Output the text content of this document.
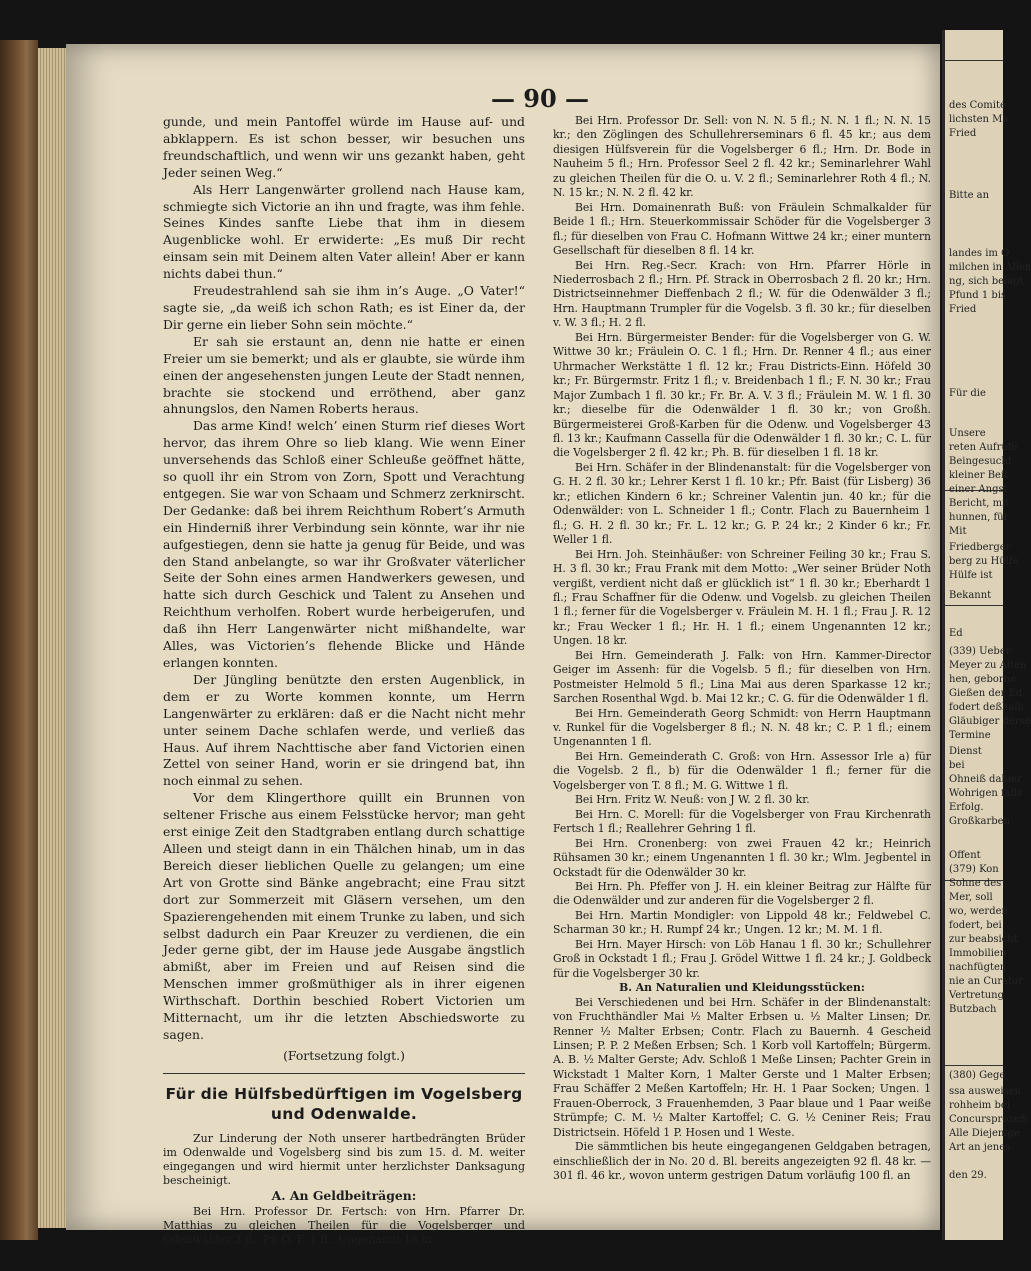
— 90 —

gunde, und mein Pantoffel würde im Hause auf- und abklappern. Es ist schon besser, wir besuchen uns freundschaftlich, und wenn wir uns gezankt haben, geht Jeder seinen Weg.“

Als Herr Langenwärter grollend nach Hause kam, schmiegte sich Victorie an ihn und fragte, was ihm fehle. Seines Kindes sanfte Liebe that ihm in diesem Augenblicke wohl. Er erwiderte: „Es muß Dir recht einsam sein mit Deinem alten Vater allein! Aber er kann nichts dabei thun.“

Freudestrahlend sah sie ihm in’s Auge. „O Vater!“ sagte sie, „da weiß ich schon Rath; es ist Einer da, der Dir gerne ein lieber Sohn sein möchte.“

Er sah sie erstaunt an, denn nie hatte er einen Freier um sie bemerkt; und als er glaubte, sie würde ihm einen der angesehensten jungen Leute der Stadt nennen, brachte sie stockend und erröthend, aber ganz ahnungslos, den Namen Roberts heraus.

Das arme Kind! welch’ einen Sturm rief dieses Wort hervor, das ihrem Ohre so lieb klang. Wie wenn Einer unversehends das Schloß einer Schleuße geöffnet hätte, so quoll ihr ein Strom von Zorn, Spott und Verachtung entgegen. Sie war von Schaam und Schmerz zerknirscht. Der Gedanke: daß bei ihrem Reichthum Robert’s Armuth ein Hinderniß ihrer Verbindung sein könnte, war ihr nie aufgestiegen, denn sie hatte ja genug für Beide, und was den Stand anbelangte, so war ihr Großvater väterlicher Seite der Sohn eines armen Handwerkers gewesen, und hatte sich durch Geschick und Talent zu Ansehen und Reichthum verholfen. Robert wurde herbeigerufen, und daß ihn Herr Langenwärter nicht mißhandelte, war Alles, was Victorien’s flehende Blicke und Hände erlangen konnten.

Der Jüngling benützte den ersten Augenblick, in dem er zu Worte kommen konnte, um Herrn Langenwärter zu erklären: daß er die Nacht nicht mehr unter seinem Dache schlafen werde, und verließ das Haus. Auf ihrem Nachttische aber fand Victorien einen Zettel von seiner Hand, worin er sie dringend bat, ihn noch einmal zu sehen.

Vor dem Klingerthore quillt ein Brunnen von seltener Frische aus einem Felsstücke hervor; man geht erst einige Zeit den Stadtgraben entlang durch schattige Alleen und steigt dann in ein Thälchen hinab, um in das Bereich dieser lieblichen Quelle zu gelangen; um eine Art von Grotte sind Bänke angebracht; eine Frau sitzt dort zur Sommerzeit mit Gläsern versehen, um den Spazierengehenden mit einem Trunke zu laben, und sich selbst dadurch ein Paar Kreuzer zu verdienen, die ein Jeder gerne gibt, der im Hause jede Ausgabe ängstlich abmißt, aber im Freien und auf Reisen sind die Menschen immer großmüthiger als in ihrer eigenen Wirthschaft. Dorthin beschied Robert Victorien um Mitternacht, um ihr die letzten Abschiedsworte zu sagen.

(Fortsetzung folgt.)

Für die Hülfsbedürftigen im Vogelsberg und Odenwalde.

Zur Linderung der Noth unserer hartbedrängten Brüder im Odenwalde und Vogelsberg sind bis zum 15. d. M. weiter eingegangen und wird hiermit unter herzlichster Danksagung bescheinigt.

A. An Geldbeiträgen:

Bei Hrn. Professor Dr. Fertsch: von Hrn. Pfarrer Dr. Matthias zu gleichen Theilen für die Vogelsberger und Odenwälder 3 fl.; Pr. O. F. 1 fl.; Ungenannt 18 kr.

Bei Hrn. Professor Dr. Sell: von N. N. 5 fl.; N. N. 1 fl.; N. N. 15 kr.; den Zöglingen des Schullehrerseminars 6 fl. 45 kr.; aus dem diesigen Hülfsverein für die Vogelsberger 6 fl.; Hrn. Dr. Bode in Nauheim 5 fl.; Hrn. Professor Seel 2 fl. 42 kr.; Seminarlehrer Wahl zu gleichen Theilen für die O. u. V. 2 fl.; Seminarlehrer Roth 4 fl.; N. N. 15 kr.; N. N. 2 fl. 42 kr.

Bei Hrn. Domainenrath Buß: von Fräulein Schmalkalder für Beide 1 fl.; Hrn. Steuerkommissair Schöder für die Vogelsberger 3 fl.; für dieselben von Frau C. Hofmann Wittwe 24 kr.; einer muntern Gesellschaft für dieselben 8 fl. 14 kr.

Bei Hrn. Reg.-Secr. Krach: von Hrn. Pfarrer Hörle in Niederrosbach 2 fl.; Hrn. Pf. Strack in Oberrosbach 2 fl. 20 kr.; Hrn. Districtseinnehmer Dieffenbach 2 fl.; W. für die Odenwälder 3 fl.; Hrn. Hauptmann Trumpler für die Vogelsb. 3 fl. 30 kr.; für dieselben v. W. 3 fl.; H. 2 fl.

Bei Hrn. Bürgermeister Bender: für die Vogelsberger von G. W. Wittwe 30 kr.; Fräulein O. C. 1 fl.; Hrn. Dr. Renner 4 fl.; aus einer Uhrmacher Werkstätte 1 fl. 12 kr.; Frau Districts-Einn. Höfeld 30 kr.; Fr. Bürgermstr. Fritz 1 fl.; v. Breidenbach 1 fl.; F. N. 30 kr.; Frau Major Zumbach 1 fl. 30 kr.; Fr. Br. A. V. 3 fl.; Fräulein M. W. 1 fl. 30 kr.; dieselbe für die Odenwälder 1 fl. 30 kr.; von Großh. Bürgermeisterei Groß-Karben für die Odenw. und Vogelsberger 43 fl. 13 kr.; Kaufmann Cassella für die Odenwälder 1 fl. 30 kr.; C. L. für die Vogelsberger 2 fl. 42 kr.; Ph. B. für dieselben 1 fl. 18 kr.

Bei Hrn. Schäfer in der Blindenanstalt: für die Vogelsberger von G. H. 2 fl. 30 kr.; Lehrer Kerst 1 fl. 10 kr.; Pfr. Baist (für Lisberg) 36 kr.; etlichen Kindern 6 kr.; Schreiner Valentin jun. 40 kr.; für die Odenwälder: von L. Schneider 1 fl.; Contr. Flach zu Bauernheim 1 fl.; G. H. 2 fl. 30 kr.; Fr. L. 12 kr.; G. P. 24 kr.; 2 Kinder 6 kr.; Fr. Weller 1 fl.

Bei Hrn. Joh. Steinhäußer: von Schreiner Feiling 30 kr.; Frau S. H. 3 fl. 30 kr.; Frau Frank mit dem Motto: „Wer seiner Brüder Noth vergißt, verdient nicht daß er glücklich ist“ 1 fl. 30 kr.; Eberhardt 1 fl.; Frau Schaffner für die Odenw. und Vogelsb. zu gleichen Theilen 1 fl.; ferner für die Vogelsberger v. Fräulein M. H. 1 fl.; Frau J. R. 12 kr.; Frau Wecker 1 fl.; Hr. H. 1 fl.; einem Ungenannten 12 kr.; Ungen. 18 kr.

Bei Hrn. Gemeinderath J. Falk: von Hrn. Kammer-Director Geiger im Assenh: für die Vogelsb. 5 fl.; für dieselben von Hrn. Postmeister Helmold 5 fl.; Lina Mai aus deren Sparkasse 12 kr.; Sarchen Rosenthal Wgd. b. Mai 12 kr.; C. G. für die Odenwälder 1 fl.

Bei Hrn. Gemeinderath Georg Schmidt: von Herrn Hauptmann v. Runkel für die Vogelsberger 8 fl.; N. N. 48 kr.; C. P. 1 fl.; einem Ungenannten 1 fl.

Bei Hrn. Gemeinderath C. Groß: von Hrn. Assessor Irle a) für die Vogelsb. 2 fl., b) für die Odenwälder 1 fl.; ferner für die Vogelsberger von T. 8 fl.; M. G. Wittwe 1 fl.

Bei Hrn. Fritz W. Neuß: von J W. 2 fl. 30 kr.

Bei Hrn. C. Morell: für die Vogelsberger von Frau Kirchenrath Fertsch 1 fl.; Reallehrer Gehring 1 fl.

Bei Hrn. Cronenberg: von zwei Frauen 42 kr.; Heinrich Rühsamen 30 kr.; einem Ungenannten 1 fl. 30 kr.; Wlm. Jegbentel in Ockstadt für die Odenwälder 30 kr.

Bei Hrn. Ph. Pfeffer von J. H. ein kleiner Beitrag zur Hälfte für die Odenwälder und zur anderen für die Vogelsberger 2 fl.

Bei Hrn. Martin Mondigler: von Lippold 48 kr.; Feldwebel C. Scharman 30 kr.; H. Rumpf 24 kr.; Ungen. 12 kr.; M. M. 1 fl.

Bei Hrn. Mayer Hirsch: von Löb Hanau 1 fl. 30 kr.; Schullehrer Groß in Ockstadt 1 fl.; Frau J. Grödel Wittwe 1 fl. 24 kr.; J. Goldbeck für die Vogelsberger 30 kr.

B. An Naturalien und Kleidungsstücken:

Bei Verschiedenen und bei Hrn. Schäfer in der Blindenanstalt: von Fruchthändler Mai ½ Malter Erbsen u. ½ Malter Linsen; Dr. Renner ½ Malter Erbsen; Contr. Flach zu Bauernh. 4 Gescheid Linsen; P. P. 2 Meßen Erbsen; Sch. 1 Korb voll Kartoffeln; Bürgerm. A. B. ½ Malter Gerste; Adv. Schloß 1 Meße Linsen; Pachter Grein in Wickstadt 1 Malter Korn, 1 Malter Gerste und 1 Malter Erbsen; Frau Schäffer 2 Meßen Kartoffeln; Hr. H. 1 Paar Socken; Ungen. 1 Frauen-Oberrock, 3 Frauenhemden, 3 Paar blaue und 1 Paar weiße Strümpfe; C. M. ½ Malter Kartoffel; C. G. ½ Ceniner Reis; Frau Districtsein. Höfeld 1 P. Hosen und 1 Weste.

Die sämmtlichen bis heute eingegangenen Geldgaben betragen, einschließlich der in No. 20 d. Bl. bereits angezeigten 92 fl. 48 kr. — 301 fl. 46 kr., wovon unterm gestrigen Datum vorläufig 100 fl. an

des Comité
lichsten Ma
Fried
Bitte an
landes im O
milchen in Allen
ng, sich belagt
Pfund 1 bis
Fried
Für die
Unsere
reten Aufrufe
Beingesucht
kleiner Beit
einer Angst
Bericht, mit
hunnen, für
Mit
Friedberger
berg zu Hülfe
Hülfe ist
Bekannt
Ed
(339) Ueber
Meyer zu Alten
hen, geborne
Gießen der Ed
fodert deßhalb
Gläubiger derse
Termine
Dienst
bei
Ohneiß dahier
Wohrigen falls
Erfolg.
Großkarben
Offent
(379) Kon
Sohne des
Mer, soll
wo, werden
fodert, bei
zur beabsicht
Immobilien
nachfügten
nie an Curator
Vertretung
Butzbach
(380) Gege
ssa ausweisen
rohheim bei
Concursprozeß
Alle Diejenige
Art an jenes
den 29.
